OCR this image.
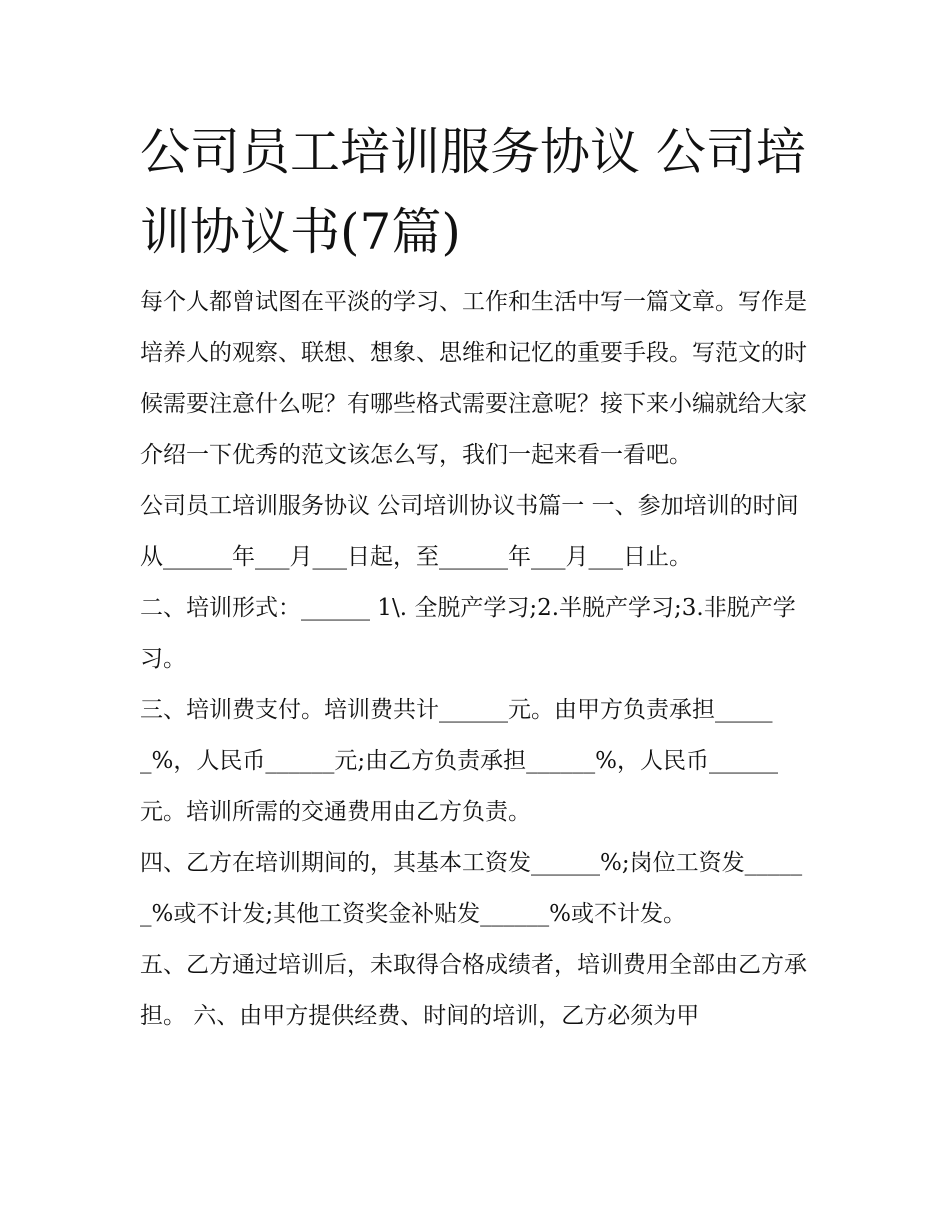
公司员工培训服务协议 公司培训协议书(7篇)

每个人都曾试图在平淡的学习、工作和生活中写一篇文章。写作是培养人的观察、联想、想象、思维和记忆的重要手段。写范文的时候需要注意什么呢？有哪些格式需要注意呢？接下来小编就给大家介绍一下优秀的范文该怎么写，我们一起来看一看吧。

公司员工培训服务协议 公司培训协议书篇一 一、参加培训的时间从______年___月___日起，至______年___月___日止。

二、培训形式：______ 1\. 全脱产学习;2.半脱产学习;3.非脱产学习。

三、培训费支付。培训费共计______元。由甲方负责承担______%，人民币______元;由乙方负责承担______%，人民币______元。培训所需的交通费用由乙方负责。

四、乙方在培训期间的，其基本工资发______%;岗位工资发______%或不计发;其他工资奖金补贴发______%或不计发。

五、乙方通过培训后，未取得合格成绩者，培训费用全部由乙方承担。 六、由甲方提供经费、时间的培训，乙方必须为甲
